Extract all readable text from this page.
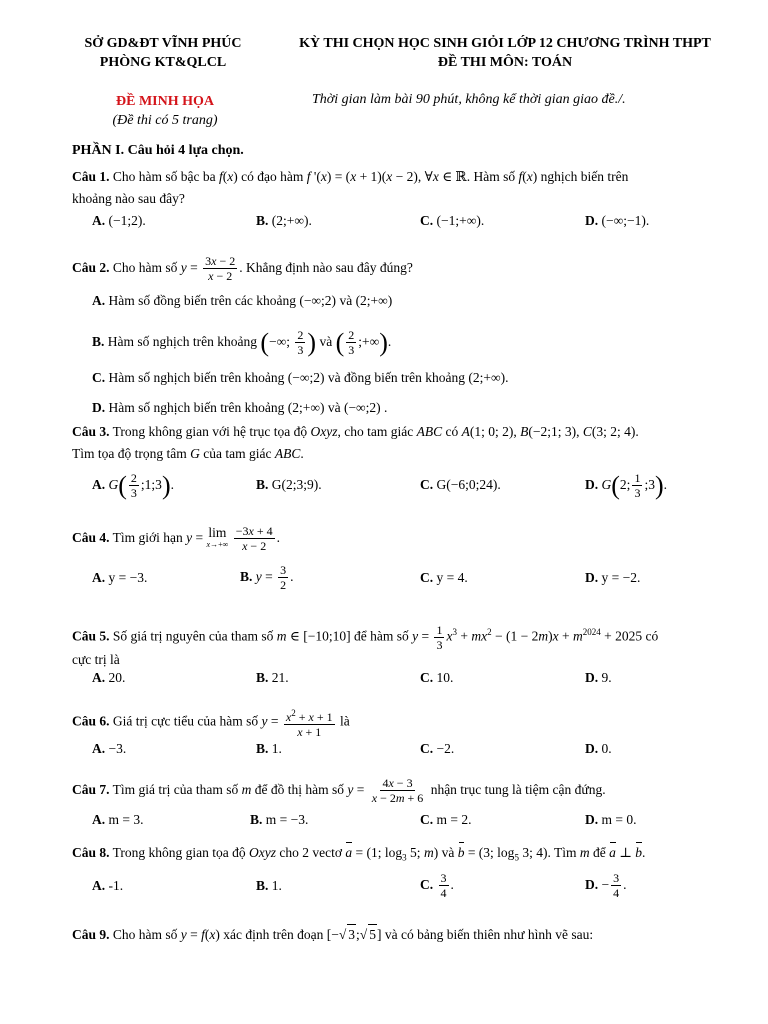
SỞ GD&ĐT VĨNH PHÚC
PHÒNG KT&QLCL
KỲ THI CHỌN HỌC SINH GIỎI LỚP 12 CHƯƠNG TRÌNH THPT
ĐỀ THI MÔN: TOÁN
ĐỀ MINH HỌA
(Đề thi có 5 trang)
Thời gian làm bài 90 phút, không kể thời gian giao đề./.
PHẦN I. Câu hỏi 4 lựa chọn.
Câu 1. Cho hàm số bậc ba f(x) có đạo hàm f '(x) = (x + 1)(x − 2), ∀x ∈ ℝ. Hàm số f(x) nghịch biến trên
khoảng nào sau đây?
A. (−1;2).	B. (2;+∞).	C. (−1;+∞).	D. (−∞;−1).
Câu 2. Cho hàm số $y = \frac{3x - 2}{x - 2}$ . Khẳng định nào sau đây đúng?
A. Hàm số đồng biến trên các khoảng (−∞;2) và (2;+∞)
B. Hàm số nghịch trên khoảng (−∞; $\frac{2}{3}$ ) và ( $\frac{2}{3}$ ;+∞).
C. Hàm số nghịch biến trên khoảng (−∞;2) và đồng biến trên khoảng (2;+∞).
D. Hàm số nghịch biến trên khoảng (2;+∞) và (−∞;2) .
Câu 3. Trong không gian với hệ trục tọa độ Oxyz, cho tam giác ABC có A(1; 0; 2), B(−2;1; 3), C(3; 2; 4).
Tìm tọa độ trọng tâm G của tam giác ABC.
A. $G( \frac{2}{3}$ ;1;3).	B. G(2;3;9).	C. G(−6;0;24).	D. G(2; $\frac{1}{3}$ ;3).
Câu 4. Tìm giới hạn y = lim
x→+∞
$\frac{-3x + 4}{x - 2}$ .
A. y = −3.	B. $y = \frac{3}{2}$ .	C. y = 4.	D. y = −2.
Câu 5. Số giá trị nguyên của tham số m ∈ [−10;10] để hàm số $y = \frac{1}{3} x^3 + mx^2 - (1 - 2m)x + m^{2024} + 2025$ có
cực trị là
A. 20.	B. 21.	C. 10.	D. 9.
Câu 6. Giá trị cực tiểu của hàm số $y = \frac{x^2 + x + 1}{x + 1}$ là
A. −3.	B. 1.	C. −2.	D. 0.
Câu 7. Tìm giá trị của tham số m để đồ thị hàm số $y = \frac{4x - 3}{x - 2m + 6}$ nhận trục tung là tiệm cận đứng.
A. m = 3.	B. m = −3.	C. m = 2.	D. m = 0.
Câu 8. Trong không gian tọa độ Oxyz cho 2 vectơ a = (1; $\log_3 5$; m) và b = (3; $\log_5 3$; 4). Tìm m để a ⊥ b.
A. -1.	B. 1.	C. $\frac{3}{4}$ .	D. − $\frac{3}{4}$ .
Câu 9. Cho hàm số y = f(x) xác định trên đoạn [−√ 3;√ 5] và có bảng biến thiên như hình vẽ sau:
